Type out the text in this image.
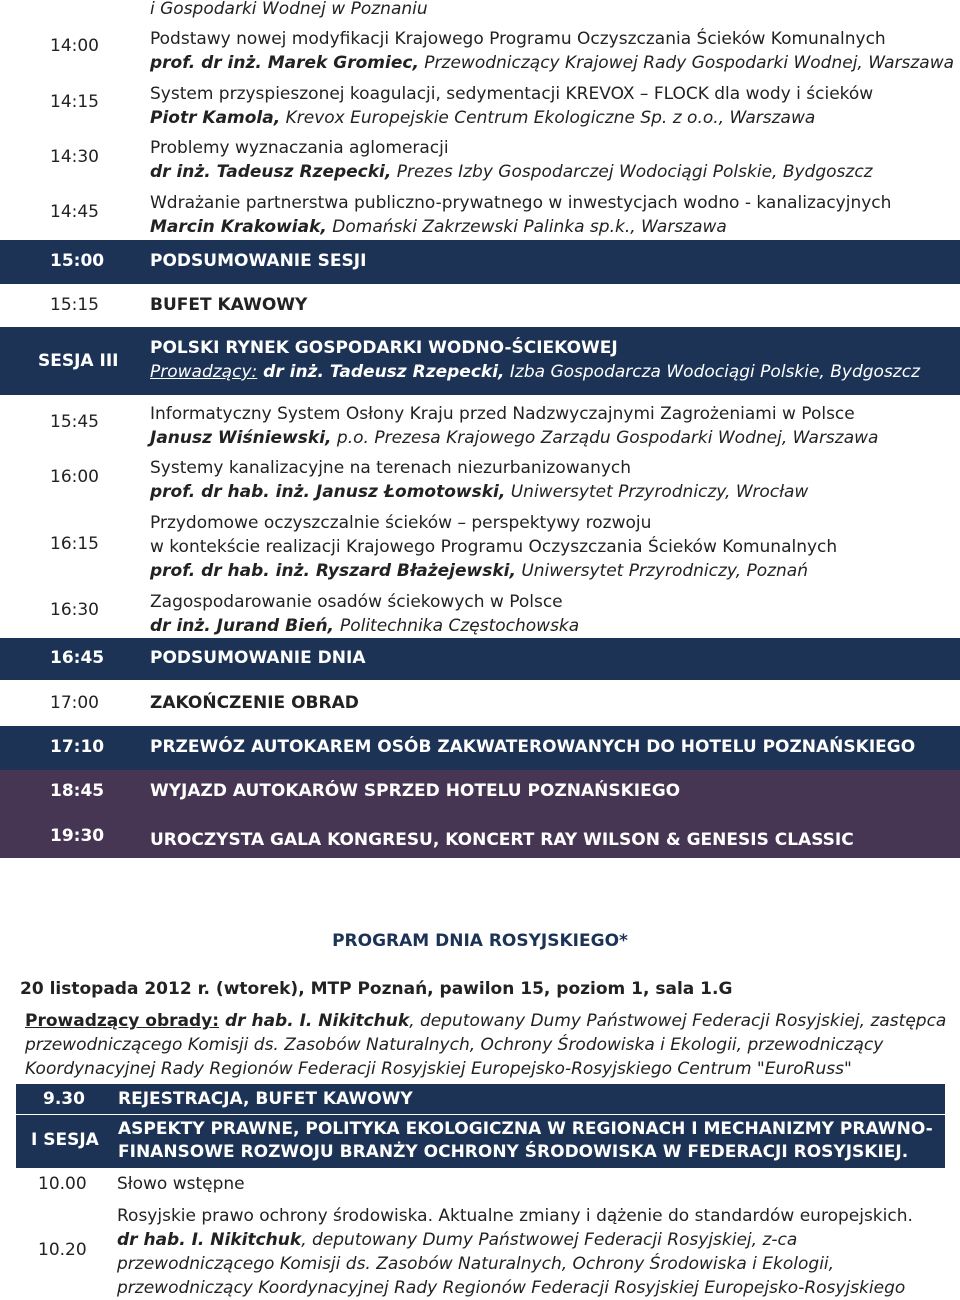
i Gospodarki Wodnej w Poznaniu
14:00	Podstawy nowej modyfikacji Krajowego Programu Oczyszczania Ścieków Komunalnych
prof. dr inż. Marek Gromiec, Przewodniczący Krajowej Rady Gospodarki Wodnej, Warszawa
14:15	System przyspieszonej koagulacji, sedymentacji KREVOX – FLOCK dla wody i ścieków
Piotr Kamola, Krevox Europejskie Centrum Ekologiczne Sp. z o.o., Warszawa
14:30	Problemy wyznaczania aglomeracji
dr inż. Tadeusz Rzepecki, Prezes Izby Gospodarczej Wodociągi Polskie, Bydgoszcz
14:45	Wdrażanie partnerstwa publiczno-prywatnego w inwestycjach wodno - kanalizacyjnych
Marcin Krakowiak, Domański Zakrzewski Palinka sp.k., Warszawa
15:00	PODSUMOWANIE SESJI
15:15	BUFET KAWOWY
SESJA III
POLSKI RYNEK GOSPODARKI WODNO-ŚCIEKOWEJ
Prowadzący: dr inż. Tadeusz Rzepecki, Izba Gospodarcza Wodociągi Polskie, Bydgoszcz
15:45	Informatyczny System Osłony Kraju przed Nadzwyczajnymi Zagrożeniami w Polsce
Janusz Wiśniewski, p.o. Prezesa Krajowego Zarządu Gospodarki Wodnej, Warszawa
16:00	Systemy kanalizacyjne na terenach niezurbanizowanych
prof. dr hab. inż. Janusz Łomotowski, Uniwersytet Przyrodniczy, Wrocław
16:15
Przydomowe oczyszczalnie ścieków – perspektywy rozwoju
w kontekście realizacji Krajowego Programu Oczyszczania Ścieków Komunalnych
prof. dr hab. inż. Ryszard Błażejewski, Uniwersytet Przyrodniczy, Poznań
16:30	Zagospodarowanie osadów ściekowych w Polsce
dr inż. Jurand Bień, Politechnika Częstochowska
16:45	PODSUMOWANIE DNIA
17:00	ZAKOŃCZENIE OBRAD
17:10	PRZEWÓZ AUTOKAREM OSÓB ZAKWATEROWANYCH DO HOTELU POZNAŃSKIEGO
18:45	WYJAZD AUTOKARÓW SPRZED HOTELU POZNAŃSKIEGO
19:30	UROCZYSTA GALA KONGRESU, KONCERT RAY WILSON & GENESIS CLASSIC
PROGRAM DNIA ROSYJSKIEGO*
20 listopada 2012 r. (wtorek), MTP Poznań, pawilon 15, poziom 1, sala 1.G
Prowadzący obrady: dr hab. I. Nikitchuk, deputowany Dumy Państwowej Federacji Rosyjskiej, zastępca
przewodniczącego Komisji ds. Zasobów Naturalnych, Ochrony Środowiska i Ekologii, przewodniczący
Koordynacyjnej Rady Regionów Federacji Rosyjskiej Europejsko-Rosyjskiego Centrum "EuroRuss"
9.30 REJESTRACJA, BUFET KAWOWY
I SESJA
ASPEKTY PRAWNE, POLITYKA EKOLOGICZNA W REGIONACH I MECHANIZMY PRAWNO-
FINANSOWE ROZWOJU BRANŻY OCHRONY ŚRODOWISKA W FEDERACJI ROSYJSKIEJ.
10.00 Słowo wstępne
10.20
Rosyjskie prawo ochrony środowiska. Aktualne zmiany i dążenie do standardów europejskich.
dr hab. I. Nikitchuk, deputowany Dumy Państwowej Federacji Rosyjskiej, z-ca
przewodniczącego Komisji ds. Zasobów Naturalnych, Ochrony Środowiska i Ekologii,
przewodniczący Koordynacyjnej Rady Regionów Federacji Rosyjskiej Europejsko-Rosyjskiego
